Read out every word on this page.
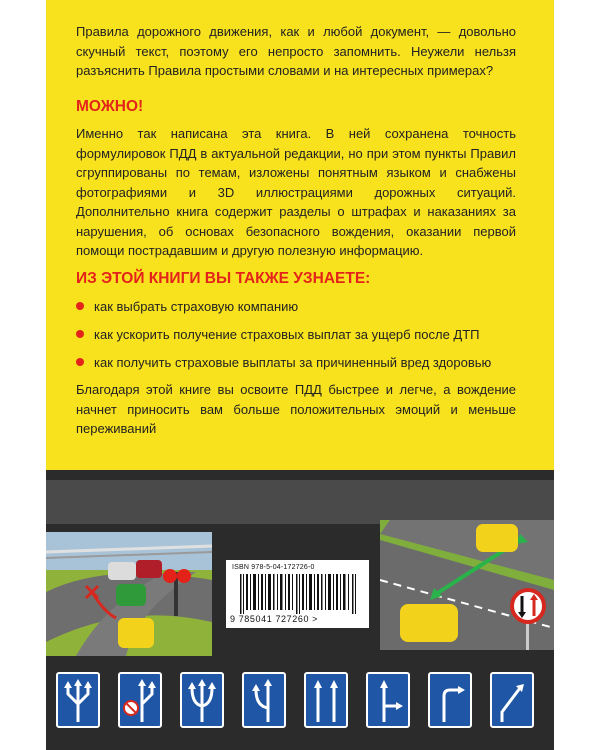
Правила дорожного движения, как и любой документ, — довольно скучный текст, поэтому его непросто запомнить. Неужели нельзя разъяснить Правила простыми словами и на интересных примерах?

МОЖНО!

Именно так написана эта книга. В ней сохранена точность формулировок ПДД в актуальной редакции, но при этом пункты Правил сгруппированы по темам, изложены понятным языком и снабжены фотографиями и 3D иллюстрациями дорожных ситуаций. Дополнительно книга содержит разделы о штрафах и наказаниях за нарушения, об основах безопасного вождения, оказании первой помощи пострадавшим и другую полезную информацию.

ИЗ ЭТОЙ КНИГИ ВЫ ТАКЖЕ УЗНАЕТЕ:

как выбрать страховую компанию

как ускорить получение страховых выплат за ущерб после ДТП

как получить страховые выплаты за причиненный вред здоровью

Благодаря этой книге вы освоите ПДД быстрее и легче, а вождение начнет приносить вам больше положительных эмоций и меньше переживаний

ISBN 978-5-04-172726-0
9 785041 727260 >
